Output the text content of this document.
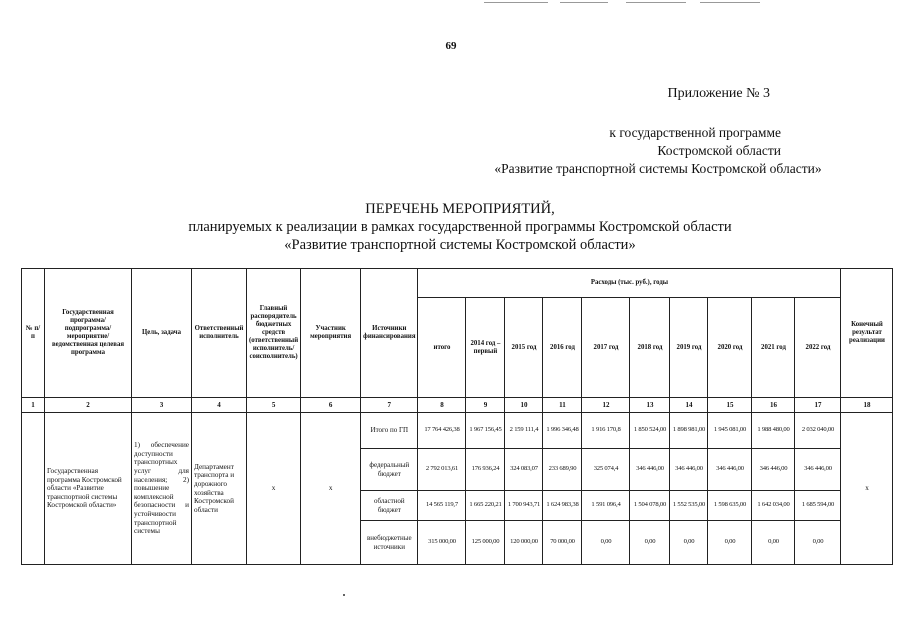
69
Приложение № 3
к государственной программе
Костромской области
«Развитие транспортной системы Костромской области»
ПЕРЕЧЕНЬ МЕРОПРИЯТИЙ,
планируемых к реализации в рамках государственной программы Костромской области
«Развитие транспортной системы Костромской области»
№ п/п	Государственная программа/ подпрограмма/ мероприятие/ ведомственная целевая программа	Цель, задача	Ответственный исполнитель	Главный распорядитель бюджетных средств (ответственный исполнитель/ соисполнитель)	Участник мероприятия	Источники финансирования	Расходы (тыс. руб.), годы										Конечный результат реализации
							итого	2014 год – первый	2015 год	2016 год	2017 год	2018 год	2019 год	2020 год	2021 год	2022 год	
1	2	3	4	5	6	7	8	9	10	11	12	13	14	15	16	17	18
	Государственная программа Костромской области «Развитие транспортной системы Костромской области»	1) обеспечение доступности транспортных услуг для населения; 2) повышение комплексной безопасности и устойчивости транспортной системы	Департамент транспорта и дорожного хозяйства Костромской области	х	х	Итого по ГП	17 764 426,38	1 967 156,45	2 159 111,4	1 996 346,48	1 916 170,8	1 850 524,00	1 898 981,00	1 945 081,00	1 988 480,00	2 032 040,00	х
						федеральный бюджет	2 792 013,61	176 936,24	324 083,07	233 689,90	325 074,4	346 446,00	346 446,00	346 446,00	346 446,00	346 446,00	
						областной бюджет	14 565 119,7	1 665 220,21	1 700 943,71	1 624 983,38	1 591 096,4	1 504 078,00	1 552 535,00	1 598 635,00	1 642 034,00	1 685 594,00	
						внебюджетные источники	315 000,00	125 000,00	120 000,00	70 000,00	0,00	0,00	0,00	0,00	0,00	0,00	
